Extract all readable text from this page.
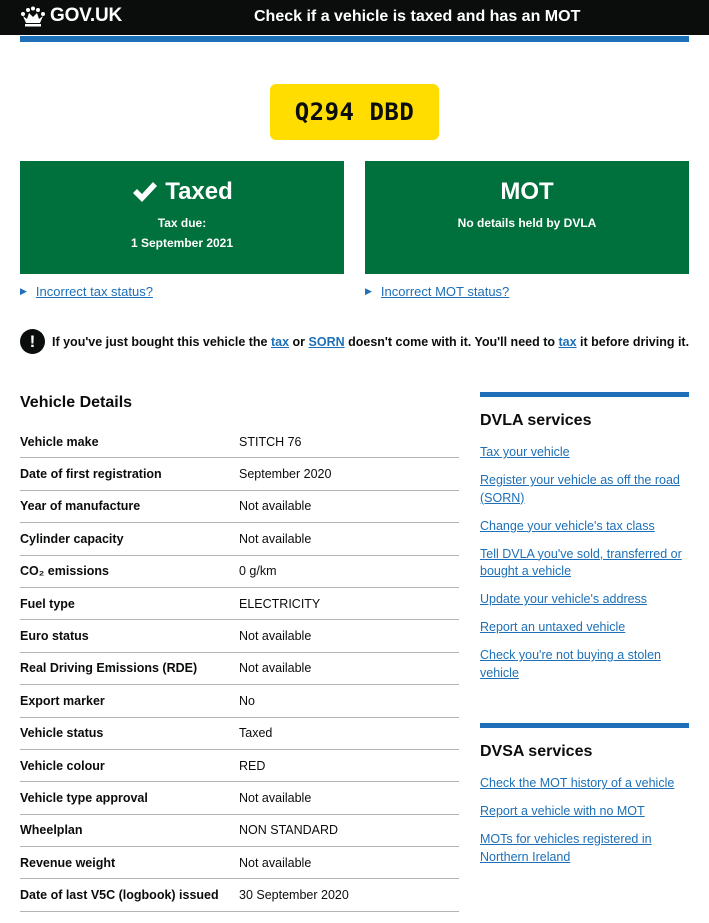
GOV.UK	Check if a vehicle is taxed and has an MOT
Q294 DBD
Taxed
Tax due:
1 September 2021
MOT
No details held by DVLA
▶ Incorrect tax status?	▶ Incorrect MOT status?
!	If you've just bought this vehicle the tax or SORN doesn't come with it. You'll need to tax it before driving it.
Vehicle Details
Vehicle make	STITCH 76
Date of first registration	September 2020
Year of manufacture	Not available
Cylinder capacity	Not available
CO₂ emissions	0 g/km
Fuel type	ELECTRICITY
Euro status	Not available
Real Driving Emissions (RDE)	Not available
Export marker	No
Vehicle status	Taxed
Vehicle colour	RED
Vehicle type approval	Not available
Wheelplan	NON STANDARD
Revenue weight	Not available
Date of last V5C (logbook) issued	30 September 2020
DVLA services
Tax your vehicle
Register your vehicle as off the road (SORN)
Change your vehicle's tax class
Tell DVLA you've sold, transferred or bought a vehicle
Update your vehicle's address
Report an untaxed vehicle
Check you're not buying a stolen vehicle
DVSA services
Check the MOT history of a vehicle
Report a vehicle with no MOT
MOTs for vehicles registered in Northern Ireland
